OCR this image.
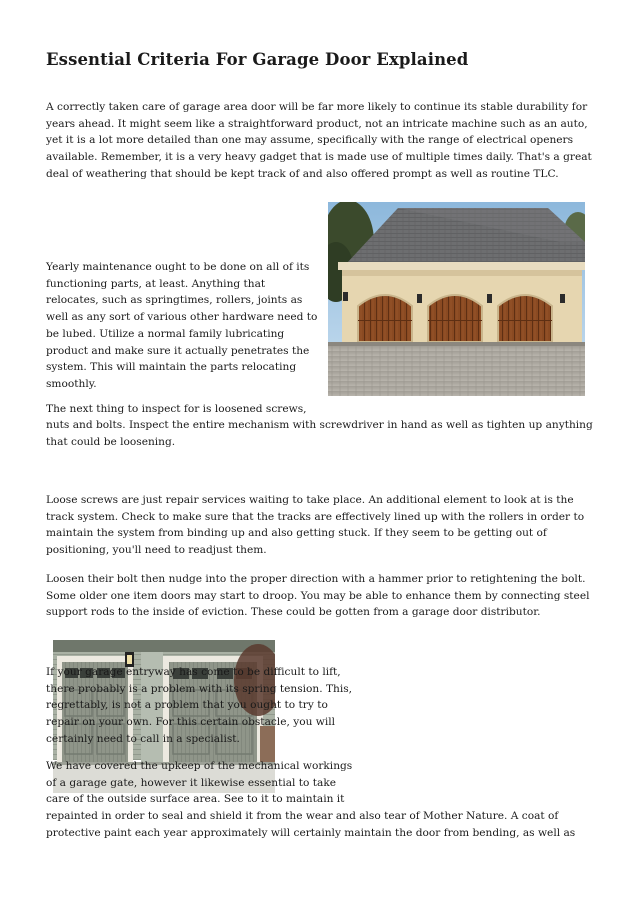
Essential Criteria For Garage Door Explained

A correctly taken care of garage area door will be far more likely to continue its stable durability for years ahead. It might seem like a straightforward product, not an intricate machine such as an auto, yet it is a lot more detailed than one may assume, specifically with the range of electrical openers available. Remember, it is a very heavy gadget that is made use of multiple times daily. That's a great deal of weathering that should be kept track of and also offered prompt as well as routine TLC.

Yearly maintenance ought to be done on all of its functioning parts, at least. Anything that relocates, such as springtimes, rollers, joints as well as any sort of various other hardware need to be lubed. Utilize a normal family lubricating product and make sure it actually penetrates the system. This will maintain the parts relocating smoothly.

The next thing to inspect for is loosened screws,

nuts and bolts. Inspect the entire mechanism with screwdriver in hand as well as tighten up anything that could be loosening.

Loose screws are just repair services waiting to take place. An additional element to look at is the track system. Check to make sure that the tracks are effectively lined up with the rollers in order to maintain the system from binding up and also getting stuck. If they seem to be getting out of positioning, you'll need to readjust them.

Loosen their bolt then nudge into the proper direction with a hammer prior to retightening the bolt. Some older one item doors may start to droop. You may be able to enhance them by connecting steel support rods to the inside of eviction. These could be gotten from a garage door distributor.

If your garage entryway has come to be difficult to lift, there probably is a problem with its spring tension. This, regrettably, is not a problem that you ought to try to repair on your own. For this certain obstacle, you will certainly need to call in a specialist.

We have covered the upkeep of the mechanical workings of a garage gate, however it likewise essential to take care of the outside surface area. See to it to maintain it

repainted in order to seal and shield it from the wear and also tear of Mother Nature. A coat of protective paint each year approximately will certainly maintain the door from bending, as well as
